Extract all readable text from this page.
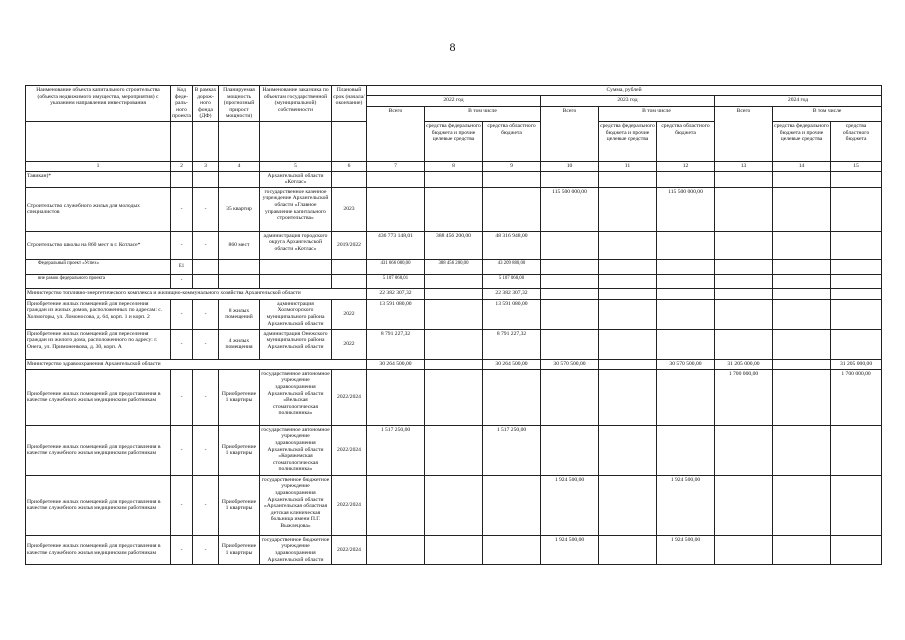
8
Наименование объекта капитального строительства (объекта недвижимого имущества, мероприятия) с указанием направления инвестирования	Код феде-раль-ного проекта	В рамках дорож-ного фонда (ДФ)	Планируемая мощность (прогнозный прирост мощности)	Наименование заказчика по объектам государственной (муниципальной) собственности	Плановый срок (начала/окончание)	Сумма, рублей								
						2022 год			2023 год			2024 год		
						Всего	В том числе		Всего	В том числе		Всего	В том числе	
							средства федерального бюджета и прочие целевые средства	средства областного бюджета		средства федерального бюджета и прочие целевые средства	средства областного бюджета		средства федерального бюджета и прочие целевые средства	средства областного бюджета
1	2	3	4	5	6	7	8	9	10	11	12	13	14	15
Тавикан)*				Архангельской области «Котлас»										
Строительство служебного жилья для молодых специалистов	-	-	35 квартир	государственное казенное учреждение Архангельской области «Главное управление капитального строительства»	2023				115 500 000,00		115 500 000,00			
Строительство школы на 860 мест в г. Котласе*	-	-	860 мест	администрация городского округа Архангельской области «Котлас»	2019/2022	436 773 148,01	388 456 200,00	48 316 948,00						
Федеральный проект «Успех»	E1					431 666 080,00	388 456 200,00	43 209 880,00						
вне рамок федерального проекта	-					5 107 068,01		5 107 068,00						
Министерство топливно-энергетического комплекса и жилищно-коммунального хозяйства Архангельской области						22 382 307,32		22 382 307,32						
Приобретение жилых помещений для переселения граждан из жилых домов, расположенных по адресам: с. Холмогоры, ул. Ломоносова, д. 64, корп. 1 и корп. 2	-	-	8 жилых помещений	администрация Холмогорского муниципального района Архангельской области	2022	13 591 080,00		13 591 080,00						
Приобретение жилых помещений для переселения граждан из жилого дома, расположенного по адресу: г. Онега, ул. Примоненкова, д. 30, корп. А	-	-	4 жилых помещения	администрация Онежского муниципального района Архангельской области	2022	8 791 227,32		8 791 227,32						
Министерство здравоохранения Архангельской области						30 264 500,00		30 264 500,00	30 570 500,00		30 570 500,00	31 205 000,00		31 205 000,00
Приобретение жилых помещений для предоставления в качестве служебного жилья медицинским работникам	-	-	Приобретение 1 квартиры	государственное автономное учреждение здравоохранения Архангельской области «Вельская стоматологическая поликлиника»	2022/2024							1 700 000,00		1 700 000,00
Приобретение жилых помещений для предоставления в качестве служебного жилья медицинским работникам	-	-	Приобретение 1 квартиры	государственное автономное учреждение здравоохранения Архангельской области «Коряжемская стоматологическая поликлиника»	2022/2024	1 517 250,00		1 517 250,00						
Приобретение жилых помещений для предоставления в качестве служебного жилья медицинским работникам	-	-	Приобретение 1 квартиры	государственное бюджетное учреждение здравоохранения Архангельской области «Архангельская областная детская клиническая больница имени П.Г. Выжлецова»	2022/2024				1 924 500,00		1 924 500,00			
Приобретение жилых помещений для предоставления в качестве служебного жилья медицинским работникам	-	-	Приобретение 1 квартиры	государственное бюджетное учреждение здравоохранения Архангельской области	2022/2024				1 924 500,00		1 924 500,00			
